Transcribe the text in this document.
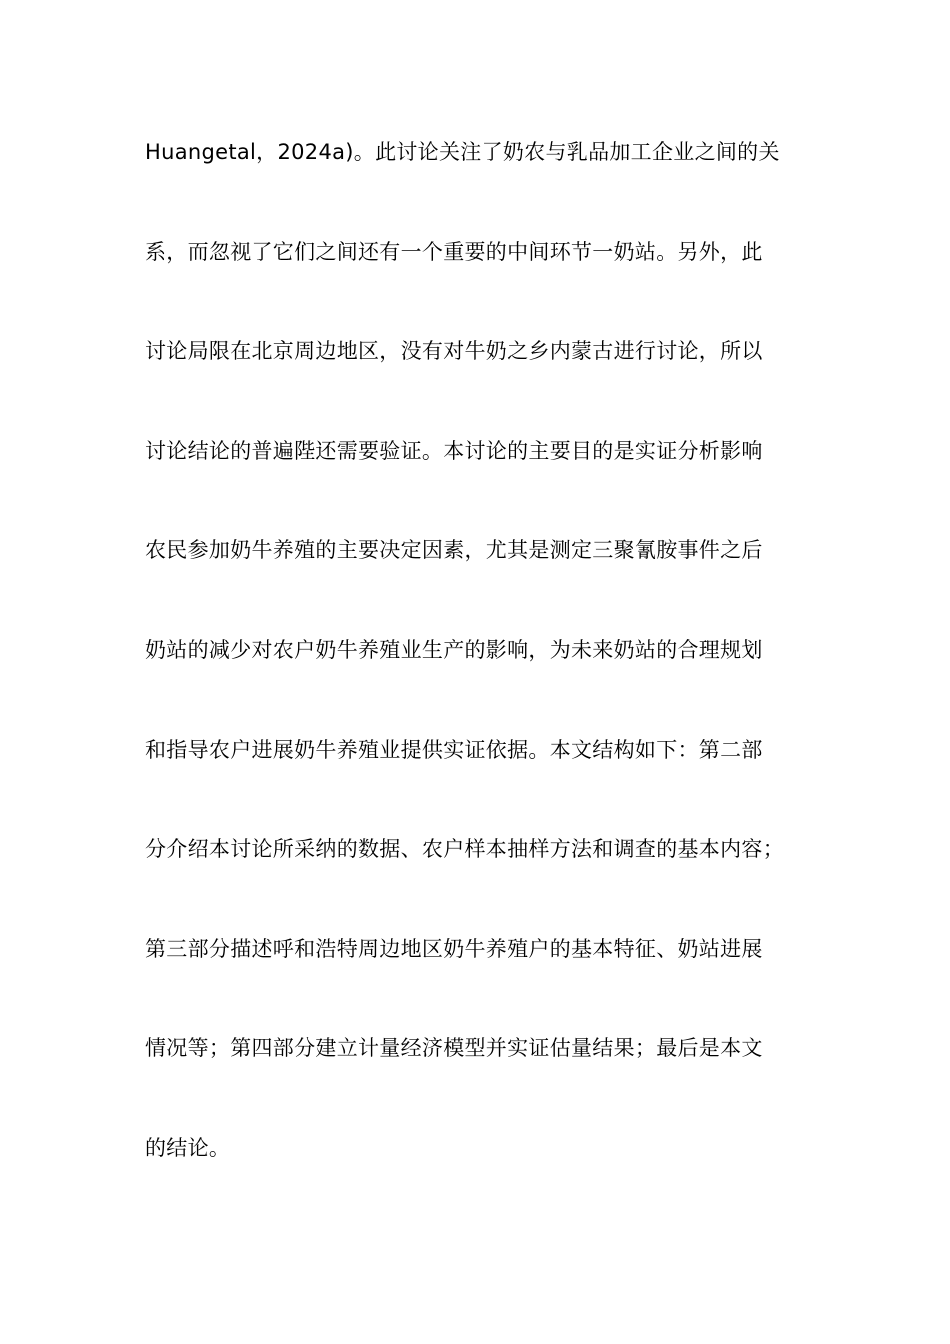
Huangetal，2024a)。此讨论关注了奶农与乳品加工企业之间的关
系，而忽视了它们之间还有一个重要的中间环节一奶站。另外，此
讨论局限在北京周边地区，没有对牛奶之乡内蒙古进行讨论，所以
讨论结论的普遍陛还需要验证。本讨论的主要目的是实证分析影响
农民参加奶牛养殖的主要决定因素，尤其是测定三聚氰胺事件之后
奶站的减少对农户奶牛养殖业生产的影响，为未来奶站的合理规划
和指导农户进展奶牛养殖业提供实证依据。本文结构如下：第二部
分介绍本讨论所采纳的数据、农户样本抽样方法和调查的基本内容；
第三部分描述呼和浩特周边地区奶牛养殖户的基本特征、奶站进展
情况等；第四部分建立计量经济模型并实证估量结果；最后是本文
的结论。
